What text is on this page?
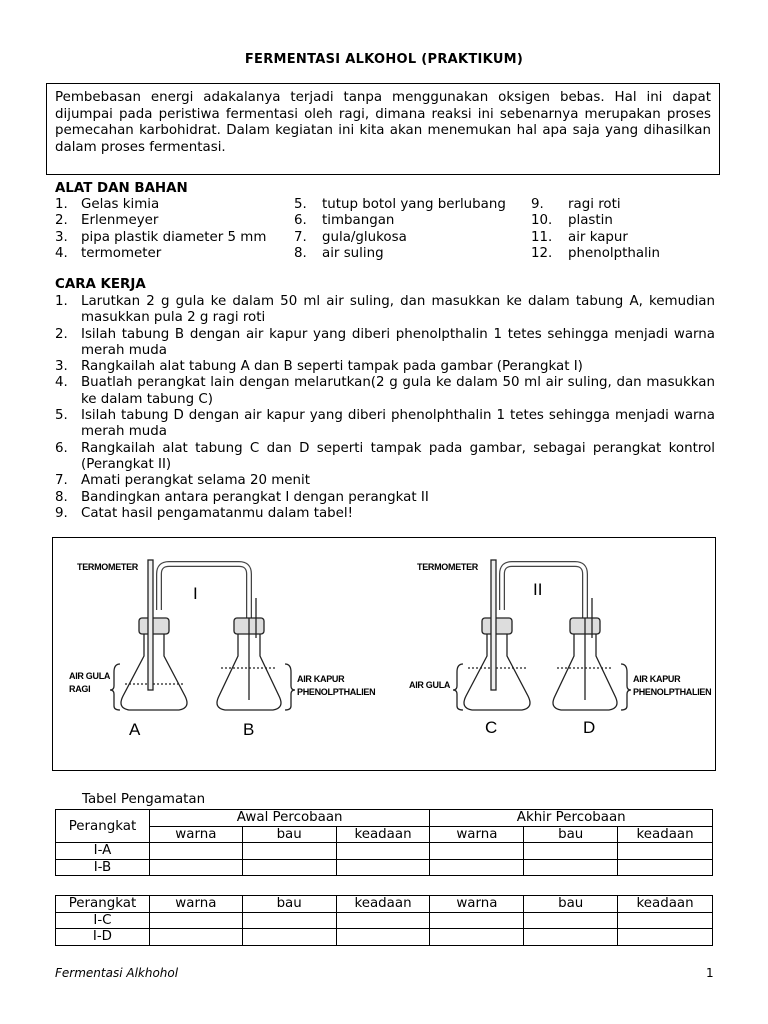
FERMENTASI ALKOHOL (PRAKTIKUM)
Pembebasan energi adakalanya terjadi tanpa menggunakan oksigen bebas. Hal ini dapat dijumpai pada peristiwa fermentasi oleh ragi, dimana reaksi ini sebenarnya merupakan proses pemecahan karbohidrat. Dalam kegiatan ini kita akan menemukan hal apa saja yang dihasilkan dalam proses fermentasi.
ALAT DAN BAHAN
1. Gelas kimia
2. Erlenmeyer
3. pipa plastik diameter 5 mm
4. termometer
5.	tutup botol yang berlubang
6.	timbangan
7.	gula/glukosa
8.	air suling
9.	ragi roti
10.	plastin
11.	air kapur
12.	phenolpthalin
CARA KERJA
1. Larutkan 2 g gula ke dalam 50 ml air suling, dan masukkan ke dalam tabung A, kemudian masukkan pula 2 g ragi roti
2. Isilah tabung B dengan air kapur yang diberi phenolpthalin 1 tetes sehingga menjadi warna merah muda
3. Rangkailah alat tabung A dan B seperti tampak pada gambar (Perangkat I)
4. Buatlah perangkat lain dengan melarutkan(2 g gula ke dalam 50 ml air suling, dan masukkan ke dalam tabung C)
5. Isilah tabung D dengan air kapur yang diberi phenolphthalin 1 tetes sehingga menjadi warna merah muda
6. Rangkailah alat tabung C dan D seperti tampak pada gambar, sebagai perangkat kontrol (Perangkat II)
7. Amati perangkat selama 20 menit
8. Bandingkan antara perangkat I dengan perangkat II
9. Catat hasil pengamatanmu dalam tabel!
TERMOMETER
I
AIR GULA
RAGI
AIR KAPUR
PHENOLPTHALIEN
A	B
TERMOMETER
II
AIR GULA
AIR KAPUR
PHENOLPTHALIEN
C	D
Tabel Pengamatan
Perangkat	Awal Percobaan			Akhir Percobaan		
	warna	bau	keadaan	warna	bau	keadaan
I-A						
I-B						
Perangkat	warna	bau	keadaan	warna	bau	keadaan
I-C						
I-D						
Fermentasi Alkhohol	1
